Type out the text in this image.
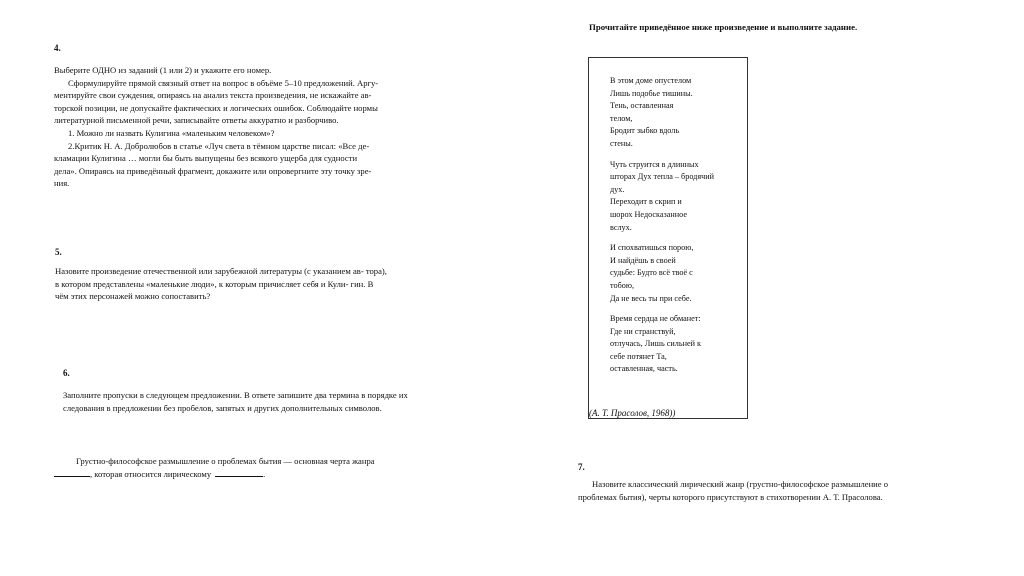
Прочитайте приведённое ниже произведение и выполните задание.
4.

Выберите ОДНО из заданий (1 или 2) и укажите его номер.

Сформулируйте прямой связный ответ на вопрос в объёме 5–10 предложений. Аргу-
ментируйте свои суждения, опираясь на анализ текста произведения, не искажайте ав-
торской позиции, не допускайте фактических и логических ошибок. Соблюдайте нормы
литературной письменной речи, записывайте ответы аккуратно и разборчиво.
1. Можно ли назвать Кулигина «маленьким человеком»?
2.Критик Н. А. Добролюбов в статье «Луч света в тёмном царстве писал: «Все де-
кламации Кулигина … могли бы быть выпущены без всякого ущерба для судности
дела». Опираясь на приведённый фрагмент, докажите или опровергните эту точку зре-
ния.
5.
Назовите произведение отечественной или зарубежной литературы (с указанием ав- тора),
в котором представлены «маленькие люди», к которым причисляет себя и Кули- гин. В
чём этих персонажей можно сопоставить?
6.
Заполните пропуски в следующем предложении. В ответе запишите два термина в порядке их
следования в предложении без пробелов, запятых и других дополнительных символов.
Грустно-философское размышление о проблемах бытия — основная черта жанра
, которая относится лирическому	.
В этом доме опустелом
Лишь подобье тишины.
Тень, оставленная
телом,
Бродит зыбко вдоль
стены.
Чуть струится в длинных
шторах Дух тепла – бродячий
дух.
Переходит в скрип и
шорох Недосказанное
вслух.
И спохватишься порою,
И найдёшь в своей
судьбе: Будто всё твоё с
тобою,
Да не весь ты при себе.
Время сердца не обманет:
Где ни странствуй,
отлучась, Лишь сильней к
себе потянет Та,
оставленная, часть.
(А. Т. Прасолов, 1968))
7.
Назовите классический лирический жанр (грустно-философское размышление о
проблемах бытия), черты которого присутствуют в стихотворении А. Т. Прасолова.
